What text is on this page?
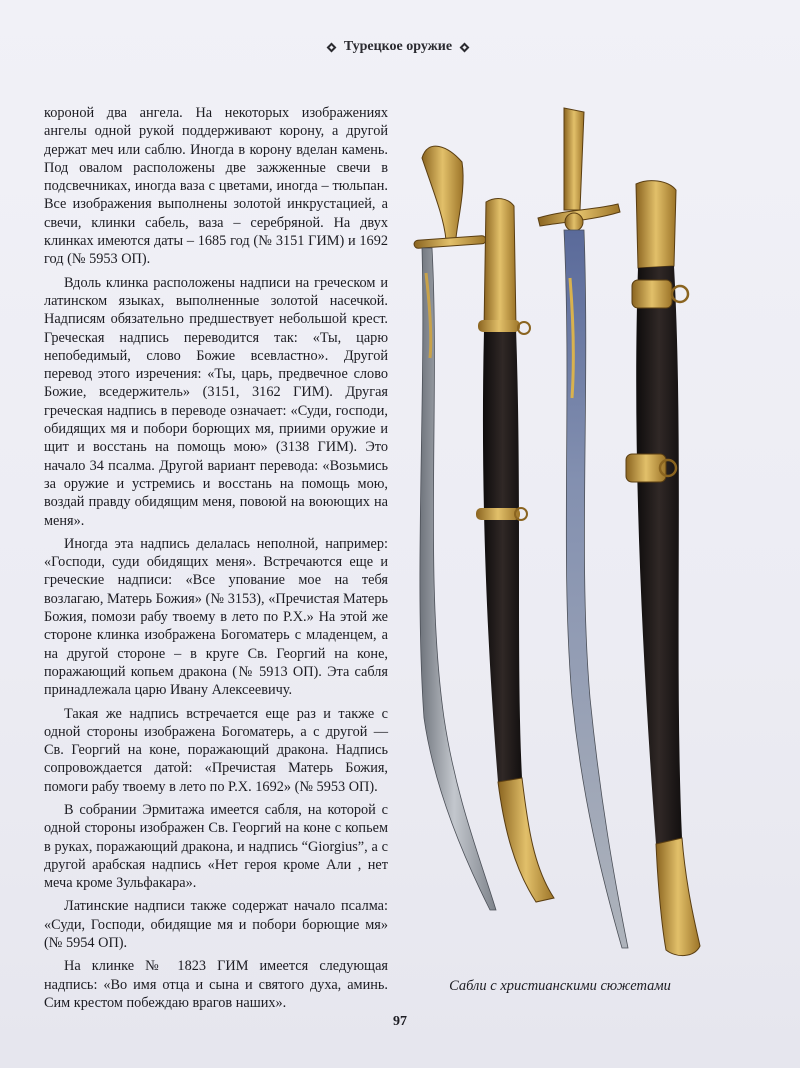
Турецкое оружие

короной два ангела. На некоторых изображениях ангелы одной рукой поддерживают корону, а другой держат меч или саблю. Иногда в корону вделан камень. Под овалом расположены две зажженные свечи в подсвечниках, иногда ваза с цветами, иногда – тюльпан. Все изображения выполнены золотой инкрустацией, а свечи, клинки сабель, ваза – серебряной. На двух клинках имеются даты – 1685 год (№ 3151 ГИМ) и 1692 год (№ 5953 ОП).

Вдоль клинка расположены надписи на греческом и латинском языках, выполненные золотой насечкой. Надписям обязательно предшествует небольшой крест. Греческая надпись переводится так: «Ты, царю непобедимый, слово Божие всевластно». Другой перевод этого изречения: «Ты, царь, предвечное слово Божие, вседержитель» (3151, 3162 ГИМ). Другая греческая надпись в переводе означает: «Суди, господи, обидящих мя и побори борющих мя, приими оружие и щит и восстань на помощь мою» (3138 ГИМ). Это начало 34 псалма. Другой вариант перевода: «Возьмись за оружие и устремись и восстань на помощь мою, воздай правду обидящим меня, повоюй на воюющих на меня».

Иногда эта надпись делалась неполной, например: «Господи, суди обидящих меня». Встречаются еще и греческие надписи: «Все упование мое на тебя возлагаю, Матерь Божия» (№ 3153), «Пречистая Матерь Божия, помози рабу твоему в лето по Р.Х.» На этой же стороне клинка изображена Богоматерь с младенцем, а на другой стороне – в круге Св. Георгий на коне, поражающий копьем дракона (№ 5913 ОП). Эта сабля принадлежала царю Ивану Алексеевичу.

Такая же надпись встречается еще раз и также с одной стороны изображена Богоматерь, а с другой — Св. Георгий на коне, поражающий дракона. Надпись сопровождается датой: «Пречистая Матерь Божия, помоги рабу твоему в лето по Р.Х. 1692» (№ 5953 ОП).

В собрании Эрмитажа имеется сабля, на которой с одной стороны изображен Св. Георгий на коне с копьем в руках, поражающий дракона, и надпись “Giorgius”, а с другой арабская надпись «Нет героя кроме Али , нет меча кроме Зульфакара».

Латинские надписи также содержат начало псалма: «Суди, Господи, обидящие мя и побори борющие мя» (№ 5954 ОП).

На клинке № 1823 ГИМ имеется следующая надпись: «Во имя отца и сына и святого духа, аминь. Сим крестом побеждаю врагов наших».

Сабли с христианскими сюжетами
97
